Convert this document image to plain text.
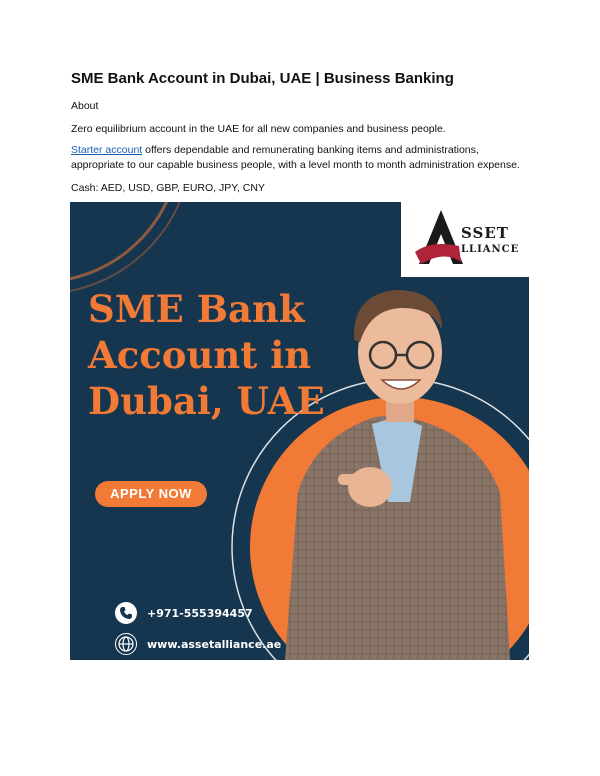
SME Bank Account in Dubai, UAE | Business Banking

About

Zero equilibrium account in the UAE for all new companies and business people.

Starter account offers dependable and remunerating banking items and administrations, appropriate to our capable business people, with a level month to month administration expense.

Cash: AED, USD, GBP, EURO, JPY, CNY

SSET
LLIANCE
SME Bank
Account in
Dubai, UAE
APPLY NOW
+971-555394457
www.assetalliance.ae
